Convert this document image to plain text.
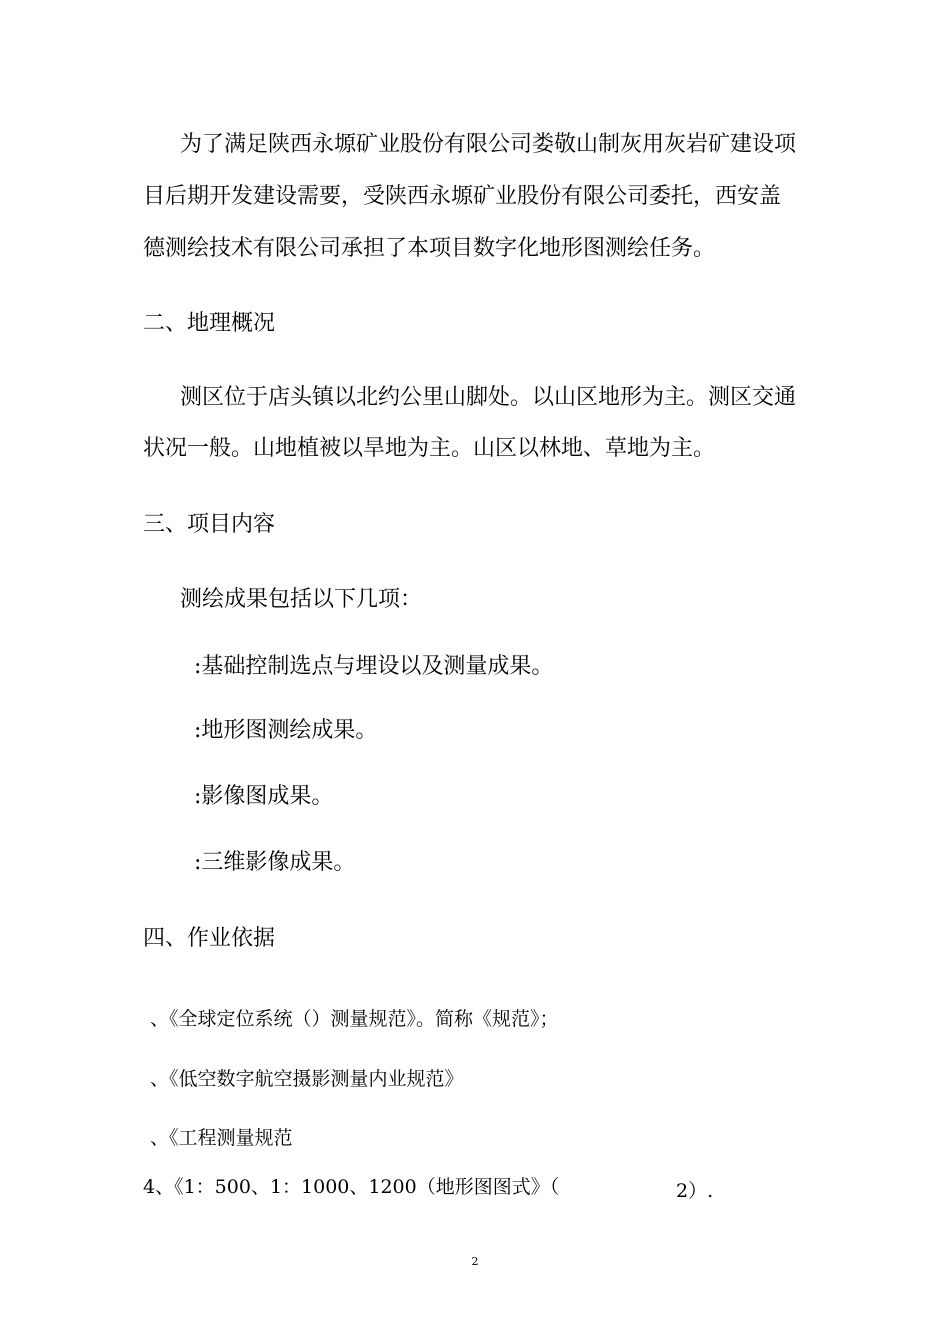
为了满足陕西永塬矿业股份有限公司娄敬山制灰用灰岩矿建设项
目后期开发建设需要，受陕西永塬矿业股份有限公司委托，西安盖
德测绘技术有限公司承担了本项目数字化地形图测绘任务。
二、地理概况
测区位于店头镇以北约公里山脚处。以山区地形为主。测区交通
状况一般。山地植被以旱地为主。山区以林地、草地为主。
三、项目内容
测绘成果包括以下几项：
:基础控制选点与埋设以及测量成果。
:地形图测绘成果。
:影像图成果。
:三维影像成果。
四、作业依据
、《全球定位系统（）测量规范》。简称《规范》；
、《低空数字航空摄影测量内业规范》
、《工程测量规范
4、《1：500、1：1000、1200（地形图图式》（	2）.
2
